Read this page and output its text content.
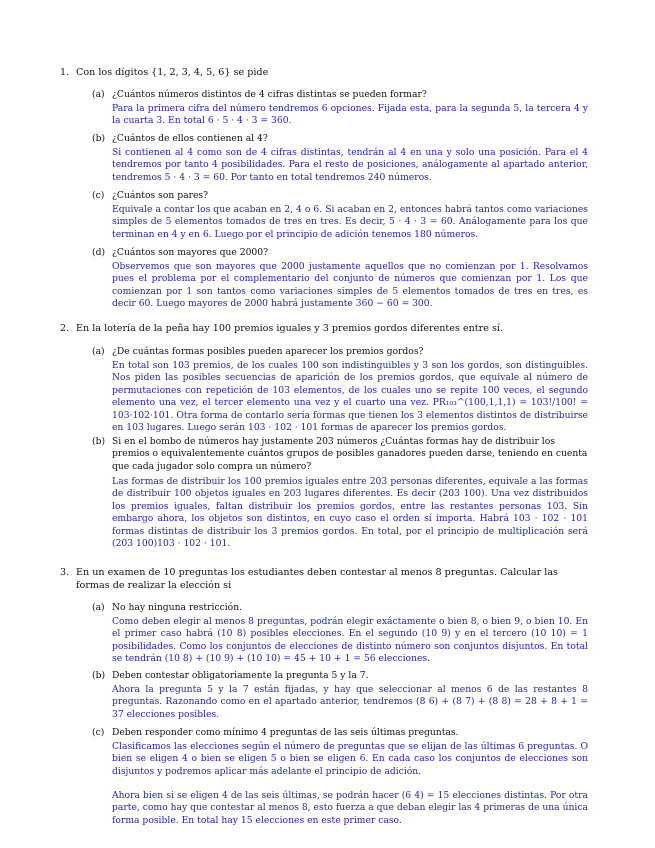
1. Con los dígitos {1, 2, 3, 4, 5, 6} se pide
(a) ¿Cuántos números distintos de 4 cifras distintas se pueden formar?
Para la primera cifra del número tendremos 6 opciones. Fijada esta, para la segunda 5, la tercera 4 y la cuarta 3. En total 6 · 5 · 4 · 3 = 360.
(b) ¿Cuántos de ellos contienen al 4?
Si contienen al 4 como son de 4 cifras distintas, tendrán al 4 en una y solo una posición. Para el 4 tendremos por tanto 4 posibilidades. Para el resto de posiciones, análogamente al apartado anterior, tendremos 5 · 4 · 3 = 60. Por tanto en total tendremos 240 números.
(c) ¿Cuántos son pares?
Equivale a contar los que acaban en 2, 4 o 6. Si acaban en 2, entonces habrá tantos como variaciones simples de 5 elementos tomados de tres en tres. Es decir, 5 · 4 · 3 = 60. Análogamente para los que terminan en 4 y en 6. Luego por el principio de adición tenemos 180 números.
(d) ¿Cuántos son mayores que 2000?
Observemos que son mayores que 2000 justamente aquellos que no comienzan por 1. Resolvamos pues el problema por el complementario del conjunto de números que comienzan por 1. Los que comienzan por 1 son tantos como variaciones simples de 5 elementos tomados de tres en tres, es decir 60. Luego mayores de 2000 habrá justamente 360 − 60 = 300.
2. En la lotería de la peña hay 100 premios iguales y 3 premios gordos diferentes entre sí.
(a) ¿De cuántas formas posibles pueden aparecer los premios gordos?
En total son 103 premios, de los cuales 100 son indistinguibles y 3 son los gordos, son distinguibles. Nos piden las posibles secuencias de aparición de los premios gordos, que equivale al número de permutaciones con repetición de 103 elementos, de los cuales uno se repite 100 veces, el segundo elemento una vez, el tercer elemento una vez y el cuarto una vez. PR₁₀₃^(100,1,1,1) = 103!/100! = 103·102·101. Otra forma de contarlo sería formas que tienen los 3 elementos distintos de distribuirse en 103 lugares. Luego serán 103 · 102 · 101 formas de aparecer los premios gordos.
(b) Si en el bombo de números hay justamente 203 números ¿Cuántas formas hay de distribuir los premios o equivalentemente cuántos grupos de posibles ganadores pueden darse, teniendo en cuenta que cada jugador solo compra un número?
Las formas de distribuir los 100 premios iguales entre 203 personas diferentes, equivale a las formas de distribuir 100 objetos iguales en 203 lugares diferentes. Es decir (203 100). Una vez distribuidos los premios iguales, faltan distribuir los premios gordos, entre las restantes personas 103. Sin embargo ahora, los objetos son distintos, en cuyo caso el orden sí importa. Habrá 103 · 102 · 101 formas distintas de distribuir los 3 premios gordos. En total, por el principio de multiplicación será (203 100)103 · 102 · 101.
3. En un examen de 10 preguntas los estudiantes deben contestar al menos 8 preguntas. Calcular las formas de realizar la elección si
(a) No hay ninguna restricción.
Como deben elegir al menos 8 preguntas, podrán elegir exáctamente o bien 8, o bien 9, o bien 10. En el primer caso habrá (10 8) posibles elecciones. En el segundo (10 9) y en el tercero (10 10) = 1 posibilidades. Como los conjuntos de elecciones de distinto número son conjuntos disjuntos. En total se tendrán (10 8) + (10 9) + (10 10) = 45 + 10 + 1 = 56 elecciones.
(b) Deben contestar obligatoriamente la pregunta 5 y la 7.
Ahora la pregunta 5 y la 7 están fijadas, y hay que seleccionar al menos 6 de las restantes 8 preguntas. Razonando como en el apartado anterior, tendremos (8 6) + (8 7) + (8 8) = 28 + 8 + 1 = 37 elecciones posibles.
(c) Deben responder como mínimo 4 preguntas de las seis últimas preguntas.
Clasificamos las elecciones según el número de preguntas que se elijan de las últimas 6 preguntas. O bien se eligen 4 o bien se eligen 5 o bien se eligen 6. En cada caso los conjuntos de elecciones son disjuntos y podremos aplicar más adelante el principio de adición.
Ahora bien si se eligen 4 de las seis últimas, se podrán hacer (6 4) = 15 elecciones distintas. Por otra parte, como hay que contestar al menos 8, esto fuerza a que deban elegir las 4 primeras de una única forma posible. En total hay 15 elecciones en este primer caso.
